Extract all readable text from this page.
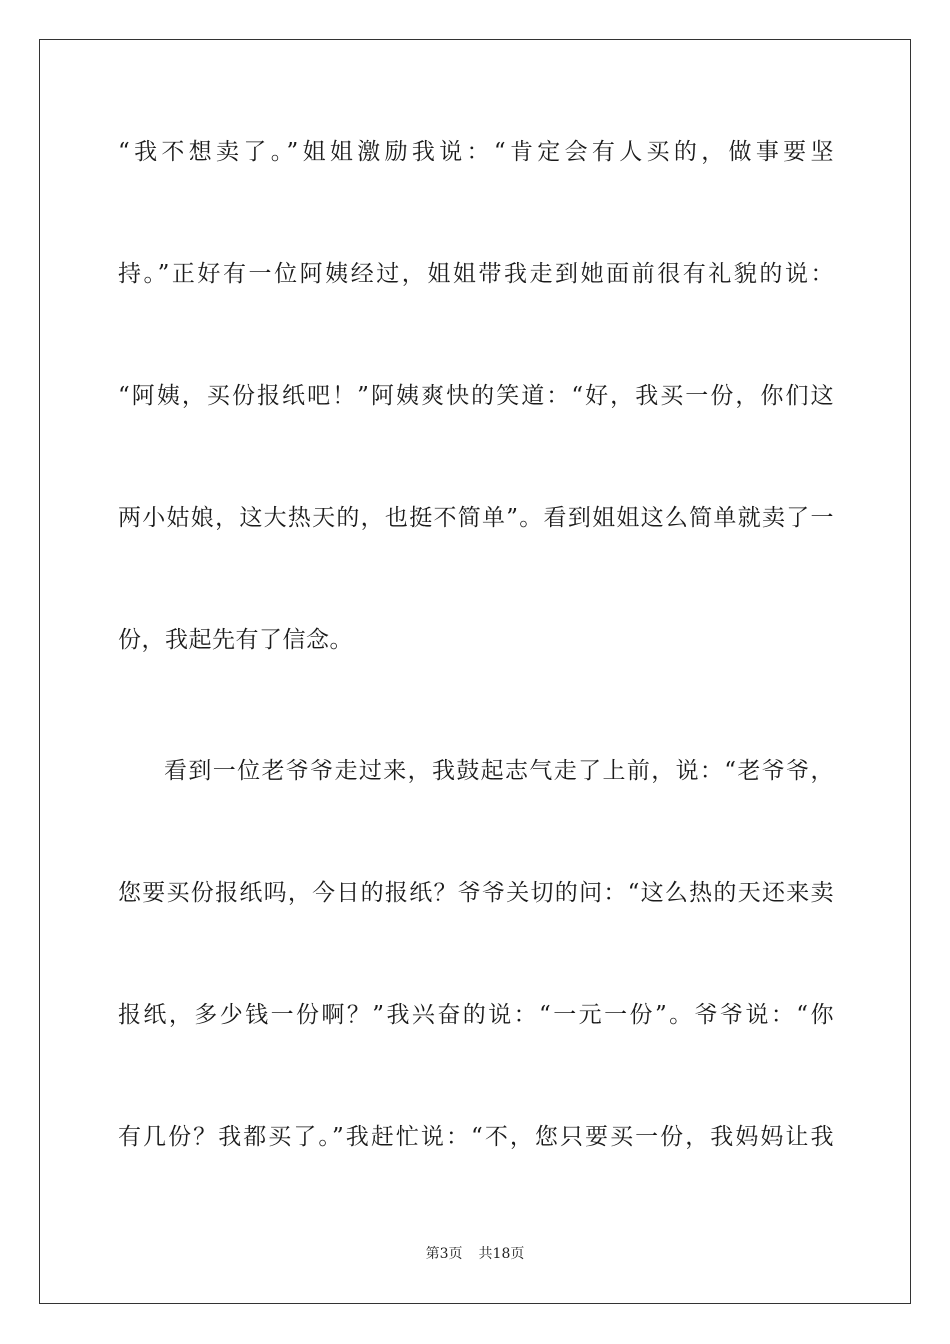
“我不想卖了。”姐姐激励我说：“肯定会有人买的，做事要坚
持。”正好有一位阿姨经过，姐姐带我走到她面前很有礼貌的说：
“阿姨，买份报纸吧！”阿姨爽快的笑道：“好，我买一份，你们这
两小姑娘，这大热天的，也挺不简单”。看到姐姐这么简单就卖了一
份，我起先有了信念。
看到一位老爷爷走过来，我鼓起志气走了上前，说：“老爷爷，
您要买份报纸吗，今日的报纸？爷爷关切的问：“这么热的天还来卖
报纸，多少钱一份啊？”我兴奋的说：“一元一份”。爷爷说：“你
有几份？我都买了。”我赶忙说：“不，您只要买一份，我妈妈让我
第3页 共18页
